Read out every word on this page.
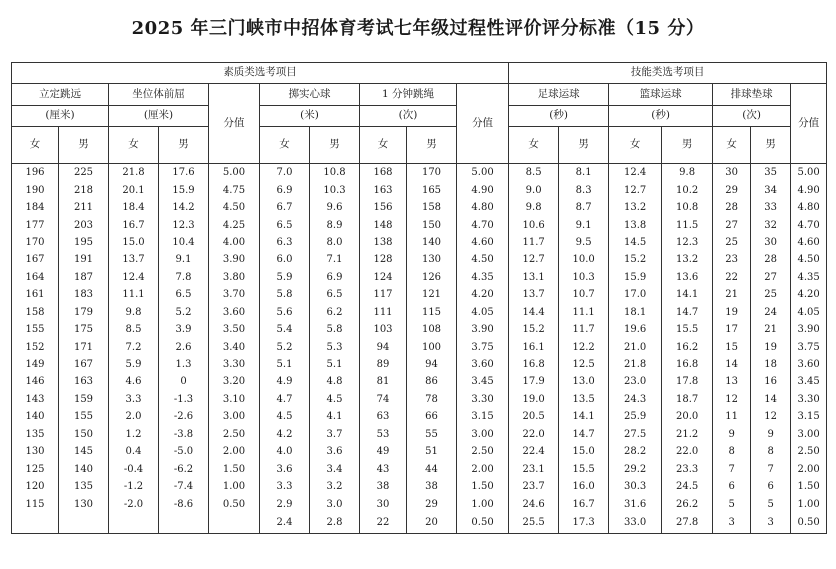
2025 年三门峡市中招体育考试七年级过程性评价评分标准（15 分）
素质类选考项目										技能类选考项目						
立定跳远		坐位体前屈		分值	掷实心球		1 分钟跳绳		分值	足球运球		篮球运球		排球垫球		分值
(厘米)		(厘米)			(米)		(次)			(秒)		(秒)		(次)		
女	男	女	男		女	男	女	男		女	男	女	男	女	男	
196	225	21.8	17.6	5.00	7.0	10.8	168	170	5.00	8.5	8.1	12.4	9.8	30	35	5.00
190	218	20.1	15.9	4.75	6.9	10.3	163	165	4.90	9.0	8.3	12.7	10.2	29	34	4.90
184	211	18.4	14.2	4.50	6.7	9.6	156	158	4.80	9.8	8.7	13.2	10.8	28	33	4.80
177	203	16.7	12.3	4.25	6.5	8.9	148	150	4.70	10.6	9.1	13.8	11.5	27	32	4.70
170	195	15.0	10.4	4.00	6.3	8.0	138	140	4.60	11.7	9.5	14.5	12.3	25	30	4.60
167	191	13.7	9.1	3.90	6.0	7.1	128	130	4.50	12.7	10.0	15.2	13.2	23	28	4.50
164	187	12.4	7.8	3.80	5.9	6.9	124	126	4.35	13.1	10.3	15.9	13.6	22	27	4.35
161	183	11.1	6.5	3.70	5.8	6.5	117	121	4.20	13.7	10.7	17.0	14.1	21	25	4.20
158	179	9.8	5.2	3.60	5.6	6.2	111	115	4.05	14.4	11.1	18.1	14.7	19	24	4.05
155	175	8.5	3.9	3.50	5.4	5.8	103	108	3.90	15.2	11.7	19.6	15.5	17	21	3.90
152	171	7.2	2.6	3.40	5.2	5.3	94	100	3.75	16.1	12.2	21.0	16.2	15	19	3.75
149	167	5.9	1.3	3.30	5.1	5.1	89	94	3.60	16.8	12.5	21.8	16.8	14	18	3.60
146	163	4.6	0	3.20	4.9	4.8	81	86	3.45	17.9	13.0	23.0	17.8	13	16	3.45
143	159	3.3	-1.3	3.10	4.7	4.5	74	78	3.30	19.0	13.5	24.3	18.7	12	14	3.30
140	155	2.0	-2.6	3.00	4.5	4.1	63	66	3.15	20.5	14.1	25.9	20.0	11	12	3.15
135	150	1.2	-3.8	2.50	4.2	3.7	53	55	3.00	22.0	14.7	27.5	21.2	9	9	3.00
130	145	0.4	-5.0	2.00	4.0	3.6	49	51	2.50	22.4	15.0	28.2	22.0	8	8	2.50
125	140	-0.4	-6.2	1.50	3.6	3.4	43	44	2.00	23.1	15.5	29.2	23.3	7	7	2.00
120	135	-1.2	-7.4	1.00	3.3	3.2	38	38	1.50	23.7	16.0	30.3	24.5	6	6	1.50
115	130	-2.0	-8.6	0.50	2.9	3.0	30	29	1.00	24.6	16.7	31.6	26.2	5	5	1.00
					2.4	2.8	22	20	0.50	25.5	17.3	33.0	27.8	3	3	0.50
